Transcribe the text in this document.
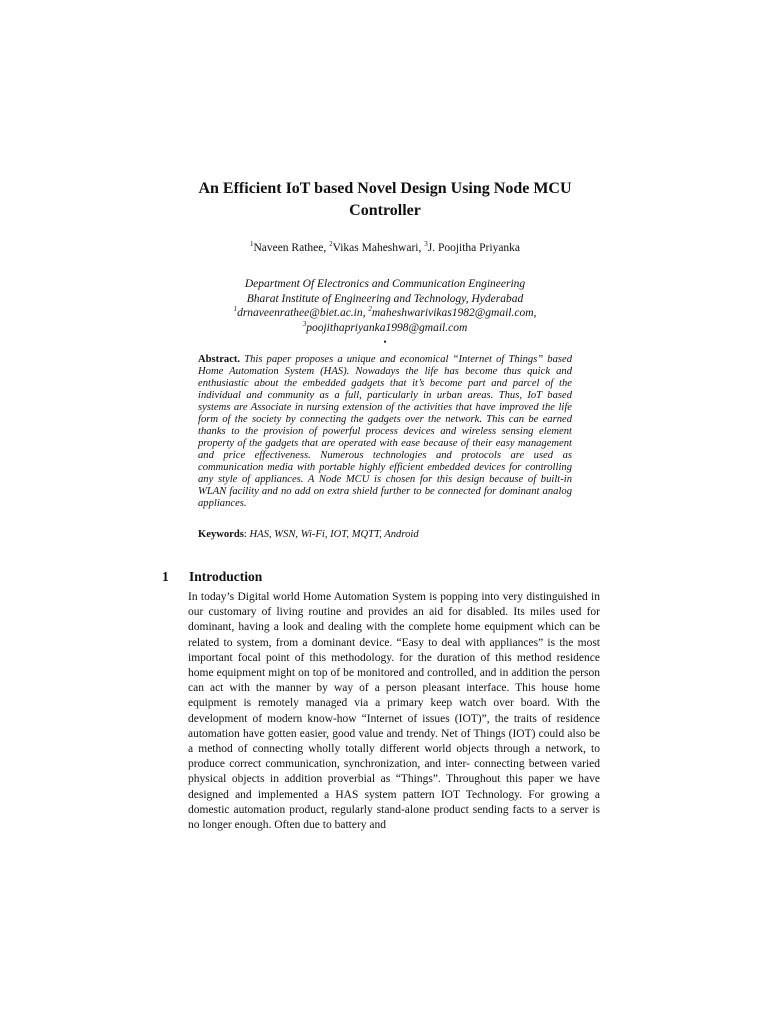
An Efficient IoT based Novel Design Using Node MCU
Controller
$^1$Naveen Rathee, $^2$Vikas Maheshwari, $^3$J. Poojitha Priyanka
Department Of Electronics and Communication Engineering
Bharat Institute of Engineering and Technology, Hyderabad
$^1$drnaveenrathee@biet.ac.in, $^2$maheshwarivikas1982@gmail.com,
$^3$poojithapriyanka1998@gmail.com
•

Abstract. This paper proposes a unique and economical “Internet of Things” based Home Automation System (HAS). Nowadays the life has become thus quick and enthusiastic about the embedded gadgets that it’s become part and parcel of the individual and community as a full, particularly in urban areas. Thus, IoT based systems are Associate in nursing extension of the activities that have improved the life form of the society by connecting the gadgets over the network. This can be earned thanks to the provision of powerful process devices and wireless sensing element property of the gadgets that are operated with ease because of their easy management and price effectiveness. Numerous technologies and protocols are used as communication media with portable highly efficient embedded devices for controlling any style of appliances. A Node MCU is chosen for this design because of built-in WLAN facility and no add on extra shield further to be connected for dominant analog appliances.

Keywords: HAS, WSN, Wi-Fi, IOT, MQTT, Android

1 Introduction

In today’s Digital world Home Automation System is popping into very distinguished in our customary of living routine and provides an aid for disabled. Its miles used for dominant, having a look and dealing with the complete home equipment which can be related to system, from a dominant device. “Easy to deal with appliances” is the most important focal point of this methodology. for the duration of this method residence home equipment might on top of be monitored and controlled, and in addition the person can act with the manner by way of a person pleasant interface. This house home equipment is remotely managed via a primary keep watch over board. With the development of modern know-how “Internet of issues (IOT)”, the traits of residence automation have gotten easier, good value and trendy. Net of Things (IOT) could also be a method of connecting wholly totally different world objects through a network, to produce correct communication, synchronization, and inter- connecting between varied physical objects in addition proverbial as “Things”. Throughout this paper we have designed and implemented a HAS system pattern IOT Technology. For growing a domestic automation product, regularly stand-alone product sending facts to a server is no longer enough. Often due to battery and
